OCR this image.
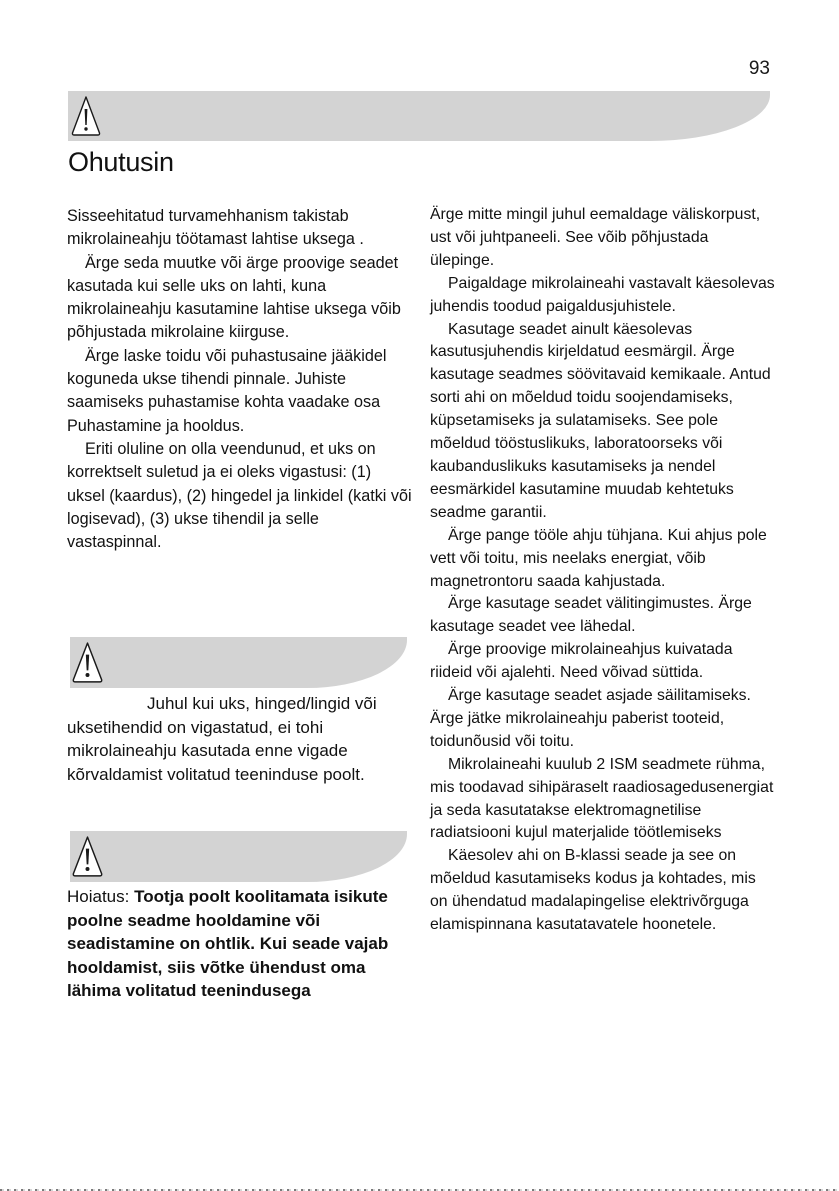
93
Ohutusin

Sisseehitatud turvamehhanism takistab mikrolaineahju töötamast lahtise uksega .

Ärge seda muutke või ärge proovige seadet kasutada kui selle uks on lahti, kuna mikrolaineahju kasutamine lahtise uksega võib põhjustada mikrolaine kiirguse.

Ärge laske toidu või puhastusaine jääkidel koguneda ukse tihendi pinnale. Juhiste saamiseks puhastamise kohta vaadake osa Puhastamine ja hooldus.

Eriti oluline on olla veendunud, et uks on korrektselt suletud ja ei oleks vigastusi: (1) uksel (kaardus), (2) hingedel ja linkidel (katki või logisevad), (3) ukse tihendil ja selle vastaspinnal.

Juhul kui uks, hinged/lingid või uksetihendid on vigastatud, ei tohi mikrolaineahju kasutada enne vigade kõrvaldamist volitatud teeninduse poolt.

Hoiatus: Tootja poolt koolitamata isikute poolne seadme hooldamine või seadistamine on ohtlik. Kui seade vajab hooldamist, siis võtke ühendust oma lähima volitatud teenindusega

Ärge mitte mingil juhul eemaldage väliskorpust, ust või juhtpaneeli. See võib põhjustada ülepinge.

Paigaldage mikrolaineahi vastavalt käesolevas juhendis toodud paigaldusjuhistele.

Kasutage seadet ainult käesolevas kasutusjuhendis kirjeldatud eesmärgil. Ärge kasutage seadmes söövitavaid kemikaale. Antud sorti ahi on mõeldud toidu soojendamiseks, küpsetamiseks ja sulatamiseks. See pole mõeldud tööstuslikuks, laboratoorseks või kaubanduslikuks kasutamiseks ja nendel eesmärkidel kasutamine muudab kehtetuks seadme garantii.

Ärge pange tööle ahju tühjana. Kui ahjus pole vett või toitu, mis neelaks energiat, võib magnetrontoru saada kahjustada.

Ärge kasutage seadet välitingimustes. Ärge kasutage seadet vee lähedal.

Ärge proovige mikrolaineahjus kuivatada riideid või ajalehti. Need võivad süttida.

Ärge kasutage seadet asjade säilitamiseks. Ärge jätke mikrolaineahju paberist tooteid, toidunõusid või toitu.

Mikrolaineahi kuulub 2 ISM seadmete rühma, mis toodavad sihipäraselt raadiosagedusenergiat ja seda kasutatakse elektromagnetilise radiatsiooni kujul materjalide töötlemiseks

Käesolev ahi on B-klassi seade ja see on mõeldud kasutamiseks kodus ja kohtades, mis on ühendatud madalapingelise elektrivõrguga elamispinnana kasutatavatele hoonetele.
